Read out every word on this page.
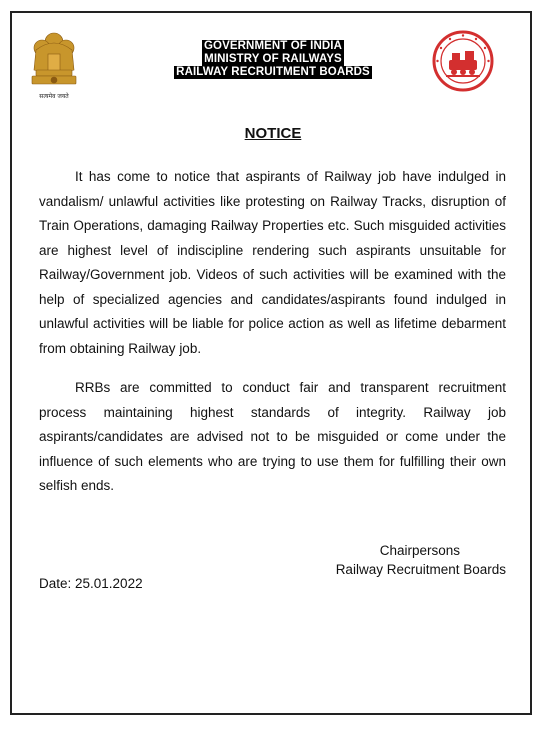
सत्यमेव जयते
GOVERNMENT OF INDIA
MINISTRY OF RAILWAYS
RAILWAY RECRUITMENT BOARDS
NOTICE
It has come to notice that aspirants of Railway job have indulged in vandalism/ unlawful activities like protesting on Railway Tracks, disruption of Train Operations, damaging Railway Properties etc. Such misguided activities are highest level of indiscipline rendering such aspirants unsuitable for Railway/Government job. Videos of such activities will be examined with the help of specialized agencies and candidates/aspirants found indulged in unlawful activities will be liable for police action as well as lifetime debarment from obtaining Railway job.
RRBs are committed to conduct fair and transparent recruitment process maintaining highest standards of integrity. Railway job aspirants/candidates are advised not to be misguided or come under the influence of such elements who are trying to use them for fulfilling their own selfish ends.
Chairpersons
Railway Recruitment Boards
Date: 25.01.2022
